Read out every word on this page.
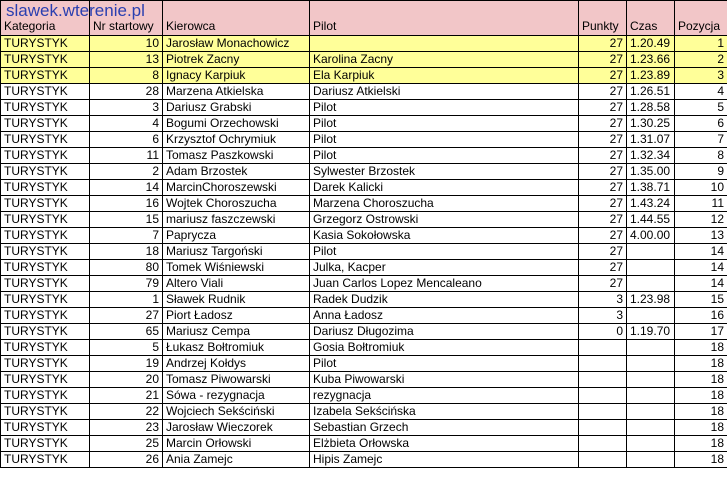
slawek.wterenie.pl
Kategoria	Nr startowy	Kierowca	Pilot	Punkty	Czas	Pozycja
TURYSTYK	10	Jarosław Monachowicz		27	1.20.49	1
TURYSTYK	13	Piotrek Zacny	Karolina Zacny	27	1.23.66	2
TURYSTYK	8	Ignacy Karpiuk	Ela Karpiuk	27	1.23.89	3
TURYSTYK	28	Marzena Atkielska	Dariusz Atkielski	27	1.26.51	4
TURYSTYK	3	Dariusz Grabski	Pilot	27	1.28.58	5
TURYSTYK	4	Bogumi Orzechowski	Pilot	27	1.30.25	6
TURYSTYK	6	Krzysztof Ochrymiuk	Pilot	27	1.31.07	7
TURYSTYK	11	Tomasz Paszkowski	Pilot	27	1.32.34	8
TURYSTYK	2	Adam Brzostek	Sylwester Brzostek	27	1.35.00	9
TURYSTYK	14	MarcinChoroszewski	Darek Kalicki	27	1.38.71	10
TURYSTYK	16	Wojtek Choroszucha	Marzena Choroszucha	27	1.43.24	11
TURYSTYK	15	mariusz faszczewski	Grzegorz Ostrowski	27	1.44.55	12
TURYSTYK	7	Paprycza	Kasia Sokołowska	27	4.00.00	13
TURYSTYK	18	Mariusz Targoński	Pilot	27		14
TURYSTYK	80	Tomek Wiśniewski	Julka, Kacper	27		14
TURYSTYK	79	Altero Viali	Juan Carlos Lopez Mencaleano	27		14
TURYSTYK	1	Sławek Rudnik	Radek Dudzik	3	1.23.98	15
TURYSTYK	27	Piort Ładosz	Anna Ładosz	3		16
TURYSTYK	65	Mariusz Cempa	Dariusz Długozima	0	1.19.70	17
TURYSTYK	5	Łukasz Bołtromiuk	Gosia Bołtromiuk			18
TURYSTYK	19	Andrzej Kołdys	Pilot			18
TURYSTYK	20	Tomasz Piwowarski	Kuba Piwowarski			18
TURYSTYK	21	Sówa - rezygnacja	rezygnacja			18
TURYSTYK	22	Wojciech Sekściński	Izabela Sekścińska			18
TURYSTYK	23	Jarosław Wieczorek	Sebastian Grzech			18
TURYSTYK	25	Marcin Orłowski	Elżbieta Orłowska			18
TURYSTYK	26	Ania Zamejc	Hipis Zamejc			18
